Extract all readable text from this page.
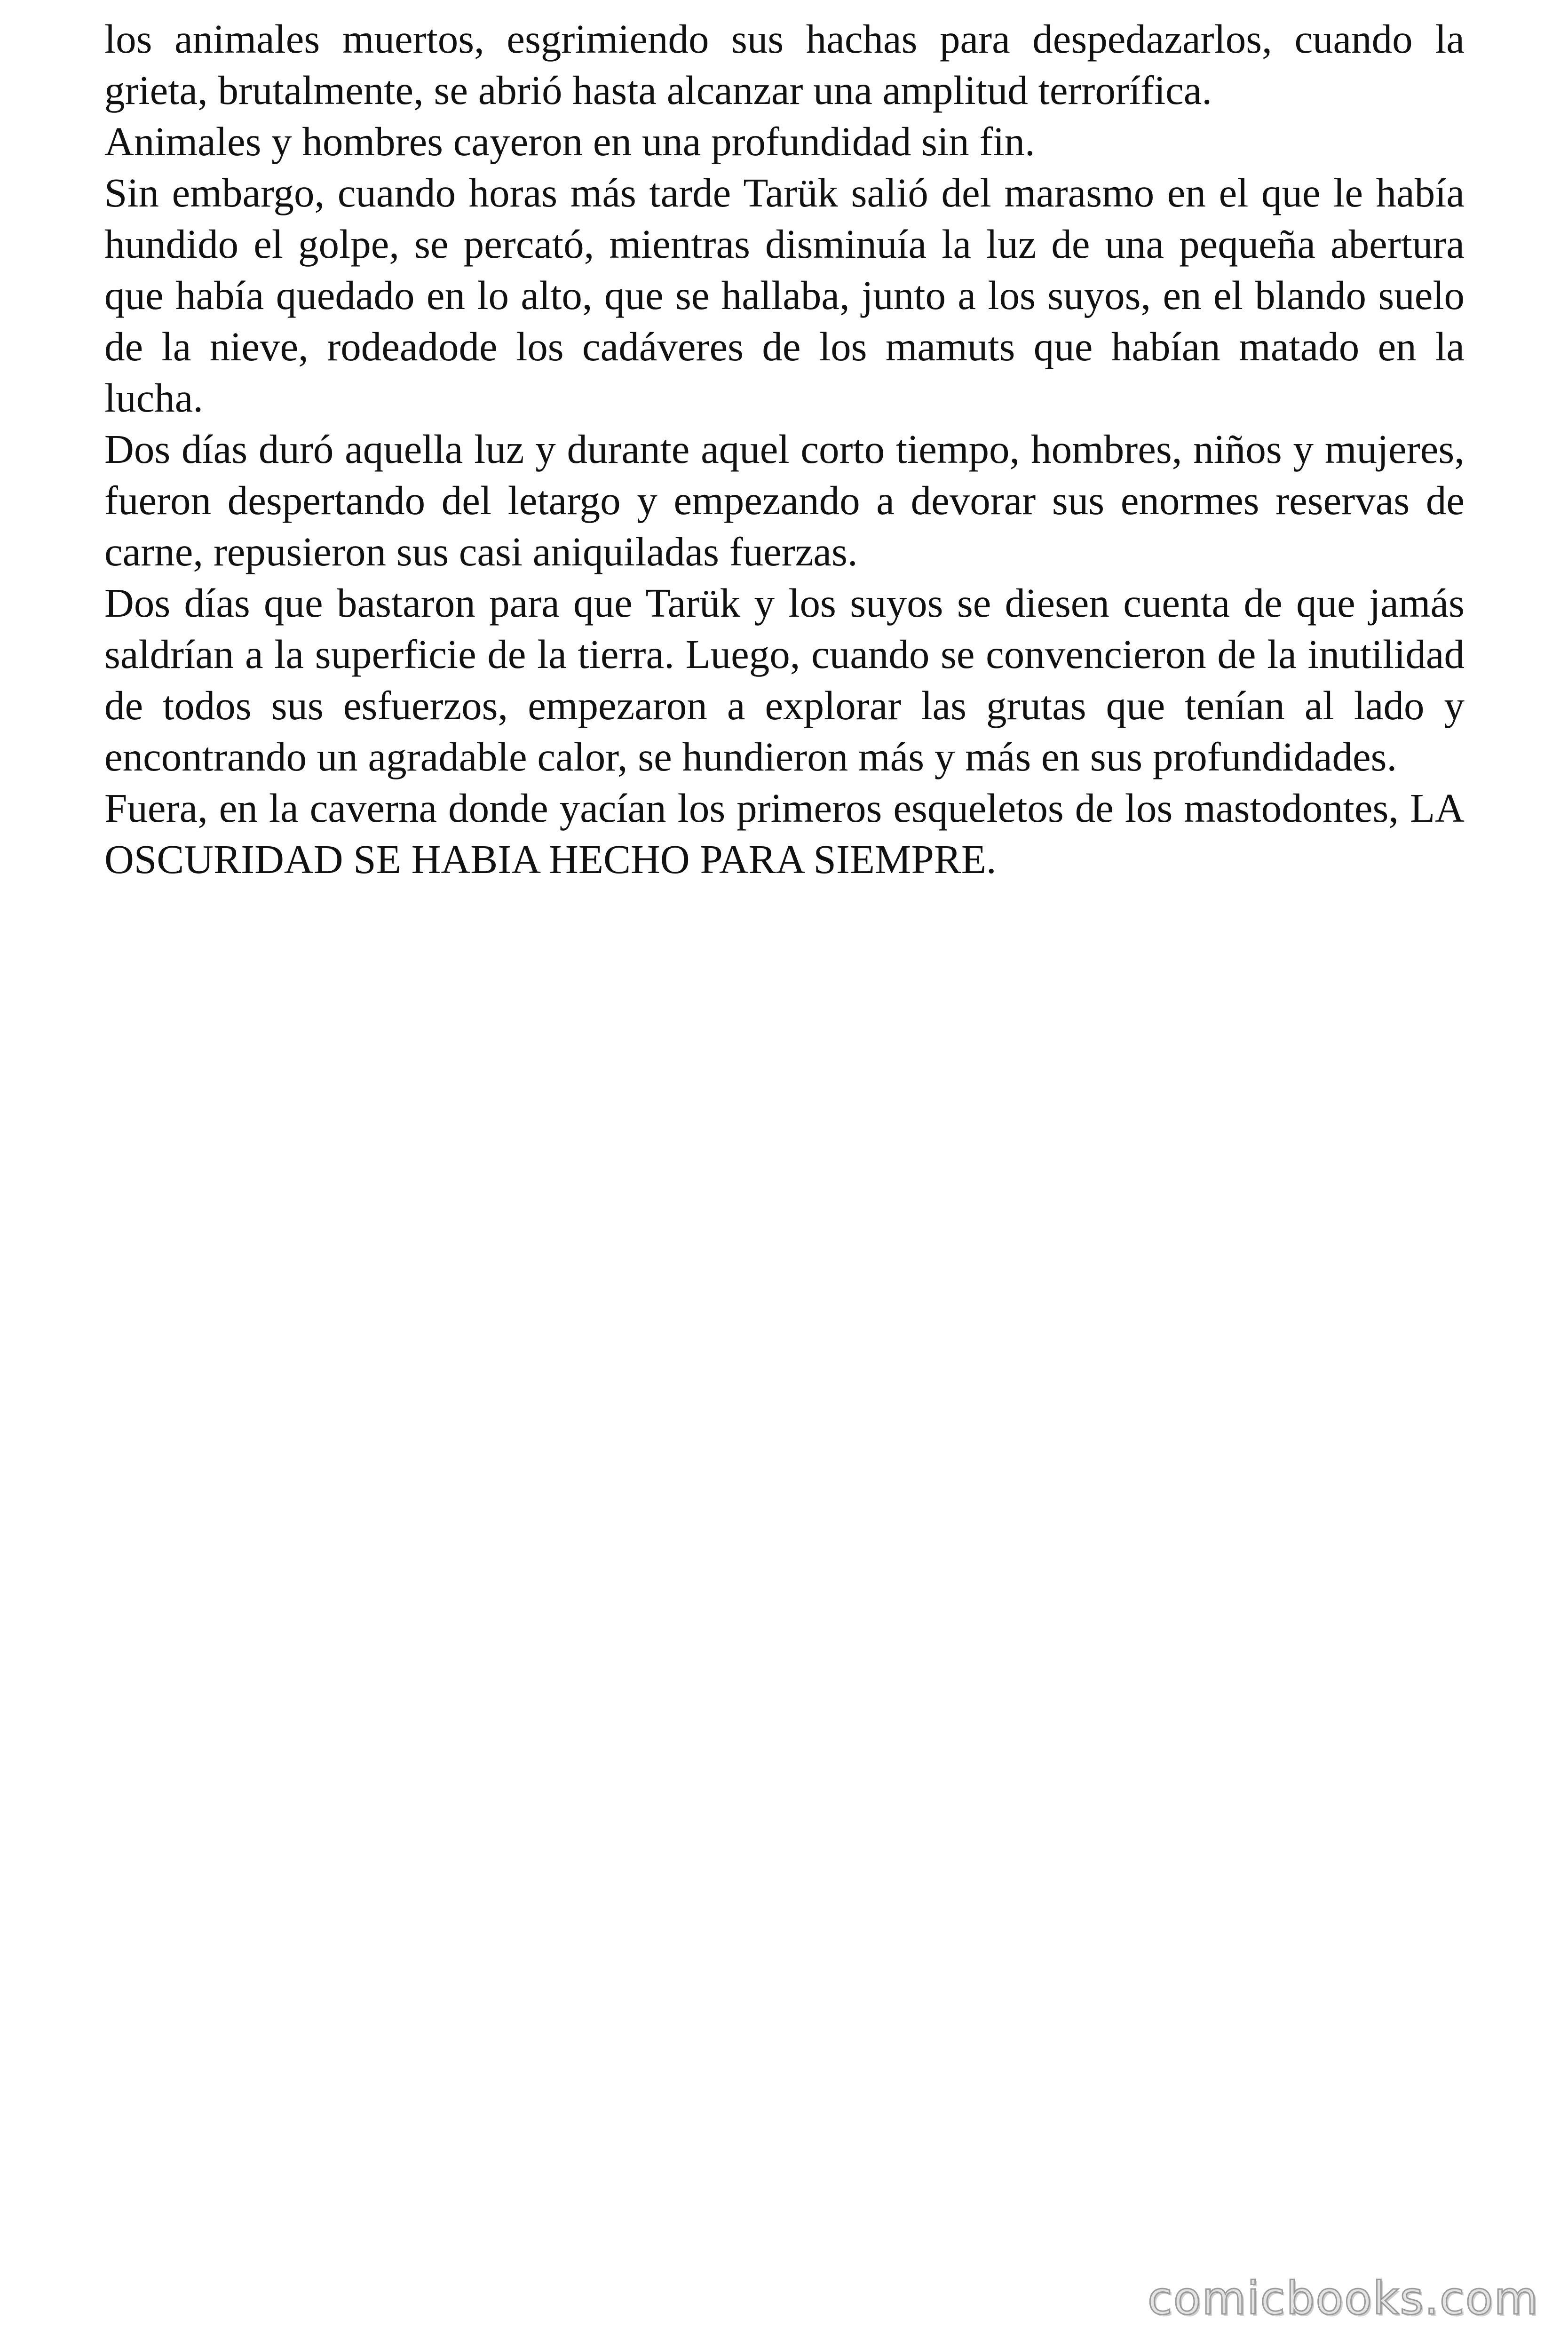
los animales muertos, esgrimiendo sus hachas para despedazarlos, cuando la grieta, brutalmente, se abrió hasta alcanzar una amplitud terrorífica.

Animales y hombres cayeron en una profundidad sin fin.

Sin embargo, cuando horas más tarde Tarük salió del marasmo en el que le había hundido el golpe, se percató, mientras disminuía la luz de una pequeña abertura que había quedado en lo alto, que se hallaba, junto a los suyos, en el blando suelo de la nieve, rodeadode los cadáveres de los mamuts que habían matado en la lucha.

Dos días duró aquella luz y durante aquel corto tiempo, hombres, niños y mujeres, fueron despertando del letargo y empezando a devorar sus enormes reservas de carne, repusieron sus casi aniquiladas fuerzas.

Dos días que bastaron para que Tarük y los suyos se diesen cuenta de que jamás saldrían a la superficie de la tierra. Luego, cuando se convencieron de la inutilidad de todos sus esfuerzos, empezaron a explorar las grutas que tenían al lado y encontrando un agradable calor, se hundieron más y más en sus profundidades.

Fuera, en la caverna donde yacían los primeros esqueletos de los mastodontes, LA OSCURIDAD SE HABIA HECHO PARA SIEMPRE.

comicbooks.com
